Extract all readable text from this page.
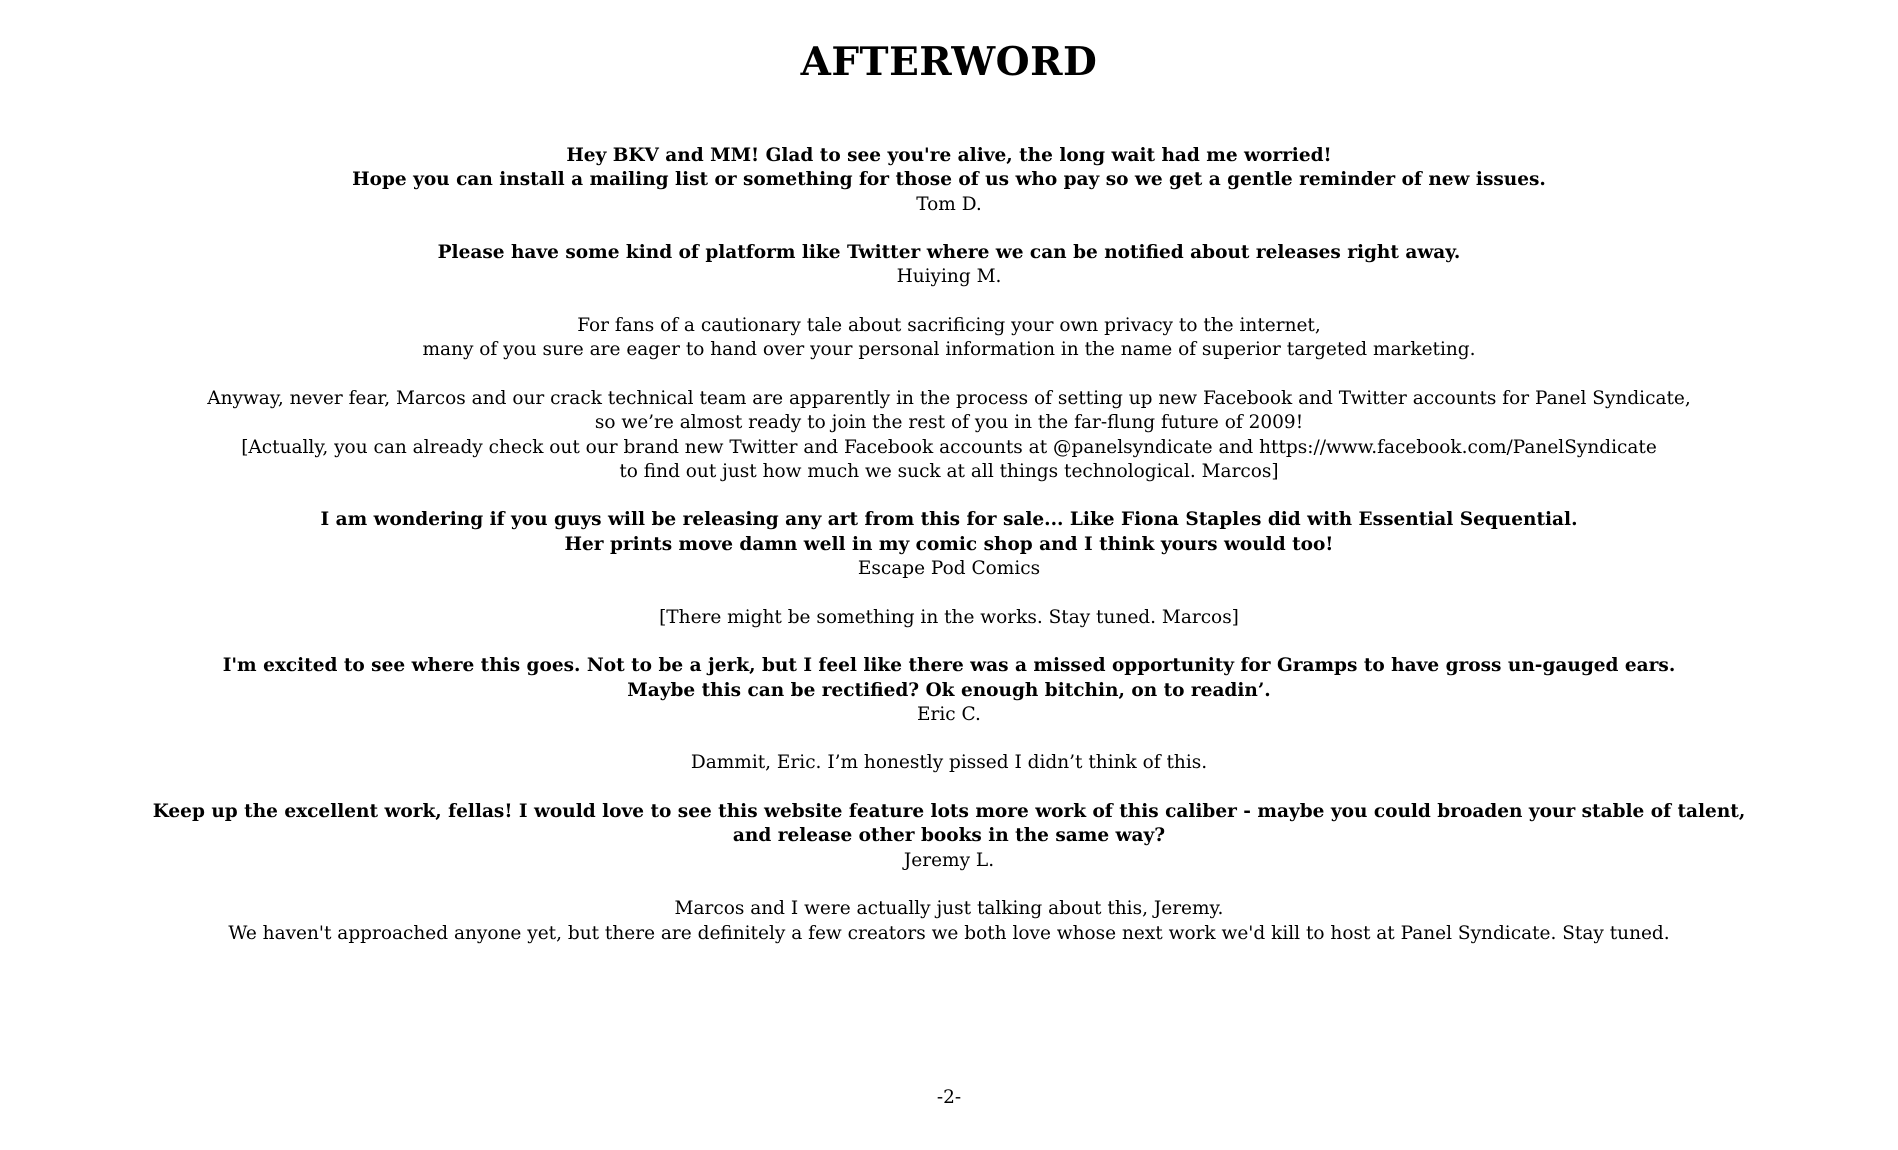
AFTERWORD
Hey BKV and MM! Glad to see you're alive, the long wait had me worried!
Hope you can install a mailing list or something for those of us who pay so we get a gentle reminder of new issues.
Tom D.
Please have some kind of platform like Twitter where we can be notified about releases right away.
Huiying M.
For fans of a cautionary tale about sacrificing your own privacy to the internet,
many of you sure are eager to hand over your personal information in the name of superior targeted marketing.
Anyway, never fear, Marcos and our crack technical team are apparently in the process of setting up new Facebook and Twitter accounts for Panel Syndicate,
so we’re almost ready to join the rest of you in the far-flung future of 2009!
[Actually, you can already check out our brand new Twitter and Facebook accounts at @panelsyndicate and https://www.facebook.com/PanelSyndicate
to find out just how much we suck at all things technological. Marcos]
I am wondering if you guys will be releasing any art from this for sale... Like Fiona Staples did with Essential Sequential.
Her prints move damn well in my comic shop and I think yours would too!
Escape Pod Comics
[There might be something in the works. Stay tuned. Marcos]
I'm excited to see where this goes. Not to be a jerk, but I feel like there was a missed opportunity for Gramps to have gross un-gauged ears.
Maybe this can be rectified? Ok enough bitchin, on to readin’.
Eric C.
Dammit, Eric. I’m honestly pissed I didn’t think of this.
Keep up the excellent work, fellas! I would love to see this website feature lots more work of this caliber - maybe you could broaden your stable of talent,
and release other books in the same way?
Jeremy L.
Marcos and I were actually just talking about this, Jeremy.
We haven't approached anyone yet, but there are definitely a few creators we both love whose next work we'd kill to host at Panel Syndicate. Stay tuned.
-2-
